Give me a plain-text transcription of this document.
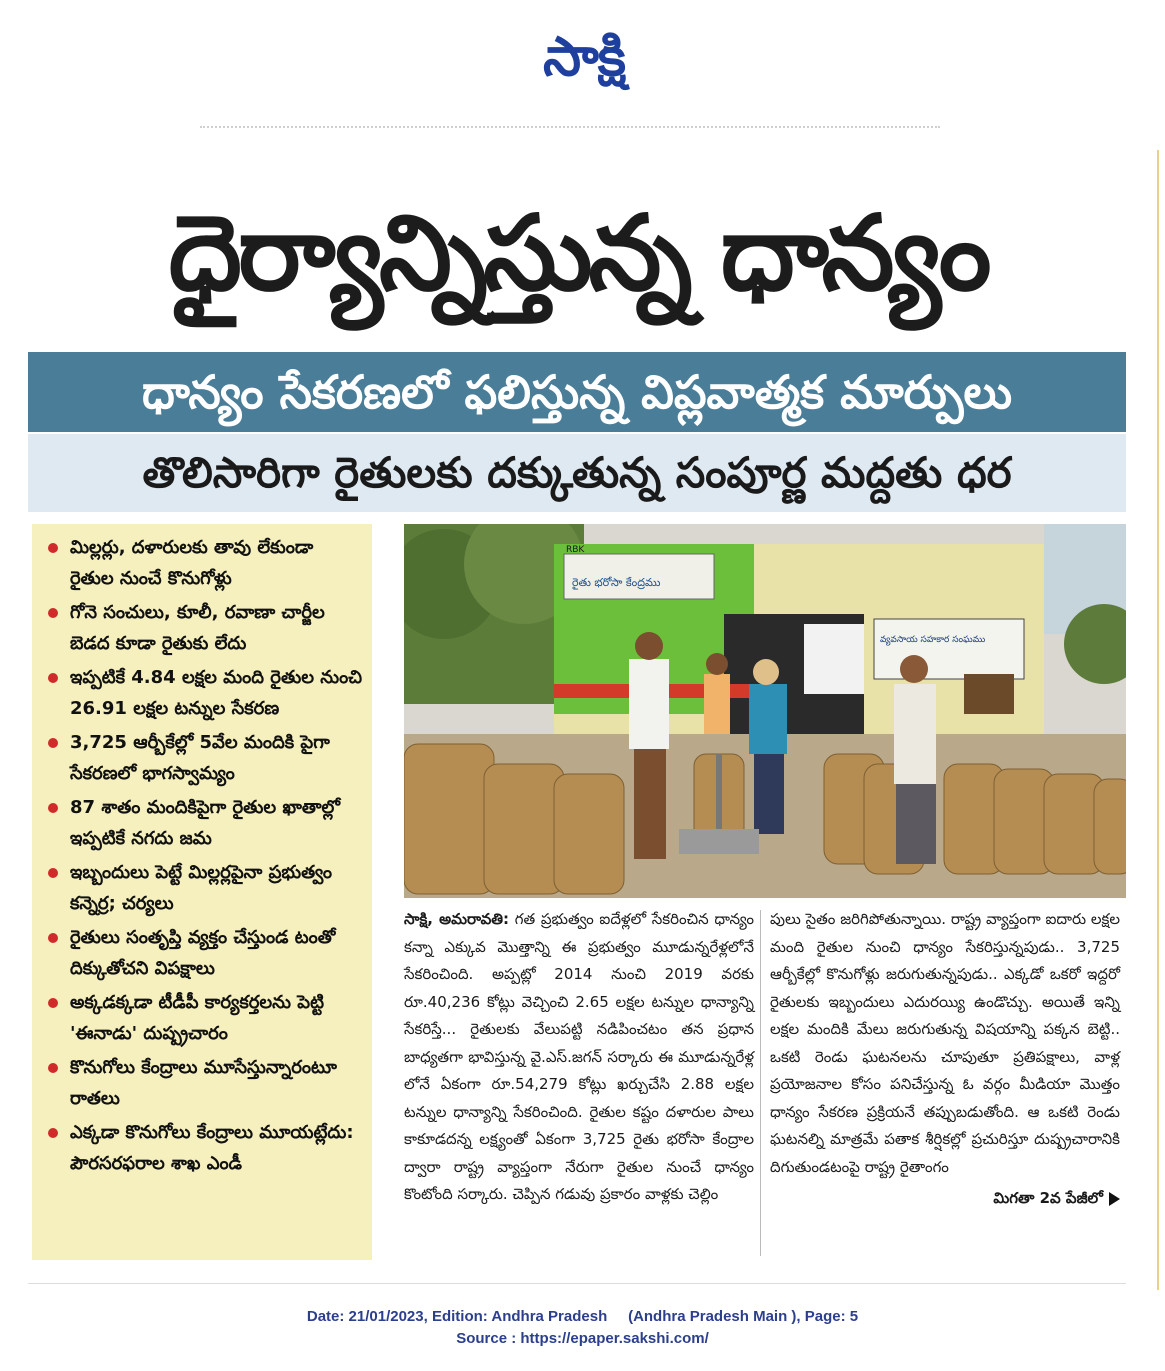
సాక్షి
ధైర్యాన్నిస్తున్న ధాన్యం
ధాన్యం సేకరణలో ఫలిస్తున్న విప్లవాత్మక మార్పులు
తొలిసారిగా రైతులకు దక్కుతున్న సంపూర్ణ మద్దతు ధర
మిల్లర్లు, దళారులకు తావు లేకుండా రైతుల నుంచే కొనుగోళ్లు
గోనె సంచులు, కూలీ, రవాణా చార్జీల బెడద కూడా రైతుకు లేదు
ఇప్పటికే 4.84 లక్షల మంది రైతుల నుంచి 26.91 లక్షల టన్నుల సేకరణ
3,725 ఆర్బీకేల్లో 5వేల మందికి పైగా సేకరణలో భాగస్వామ్యం
87 శాతం మందికిపైగా రైతుల ఖాతాల్లో ఇప్పటికే నగదు జమ
ఇబ్బందులు పెట్టే మిల్లర్లపైనా ప్రభుత్వం కన్నెర్ర; చర్యలు
రైతులు సంతృప్తి వ్యక్తం చేస్తుండ టంతో దిక్కుతోచని విపక్షాలు
అక్కడక్కడా టీడీపీ కార్యకర్తలను పెట్టి 'ఈనాడు' దుష్ప్రచారం
కొనుగోలు కేంద్రాలు మూసేస్తున్నారంటూ రాతలు
ఎక్కడా కొనుగోలు కేంద్రాలు మూయట్లేదు: పౌరసరఫరాల శాఖ ఎండీ
రైతు భరోసా కేంద్రము
RBK
వ్యవసాయ సహకార సంఘము
సాక్షి, అమరావతి: గత ప్రభుత్వం ఐదేళ్లలో సేకరించిన ధాన్యం కన్నా ఎక్కువ మొత్తాన్ని ఈ ప్రభుత్వం మూడున్నరేళ్లలోనే సేకరించింది. అప్పట్లో 2014 నుంచి 2019 వరకు రూ.40,236 కోట్లు వెచ్చించి 2.65 లక్షల టన్నుల ధాన్యాన్ని సేకరిస్తే... రైతులకు వేలుపట్టి నడిపించటం తన ప్రధాన బాధ్యతగా భావిస్తున్న వై.ఎస్.జగన్ సర్కారు ఈ మూడున్నరేళ్ల లోనే ఏకంగా రూ.54,279 కోట్లు ఖర్చుచేసి 2.88 లక్షల టన్నుల ధాన్యాన్ని సేకరించింది. రైతుల కష్టం దళారుల పాలు కాకూడదన్న లక్ష్యంతో ఏకంగా 3,725 రైతు భరోసా కేంద్రాల ద్వారా రాష్ట్ర వ్యాప్తంగా నేరుగా రైతుల నుంచే ధాన్యం కొంటోంది సర్కారు. చెప్పిన గడువు ప్రకారం వాళ్లకు చెల్లిం
పులు సైతం జరిగిపోతున్నాయి. రాష్ట్ర వ్యాప్తంగా ఐదారు లక్షల మంది రైతుల నుంచి ధాన్యం సేకరిస్తున్నపుడు.. 3,725 ఆర్బీకేల్లో కొనుగోళ్లు జరుగుతున్నపుడు.. ఎక్కడో ఒకరో ఇద్దరో రైతులకు ఇబ్బందులు ఎదురయ్యి ఉండొచ్చు. అయితే ఇన్ని లక్షల మందికి మేలు జరుగుతున్న విషయాన్ని పక్కన బెట్టి.. ఒకటి రెండు ఘటనలను చూపుతూ ప్రతిపక్షాలు, వాళ్ల ప్రయోజనాల కోసం పనిచేస్తున్న ఓ వర్గం మీడియా మొత్తం ధాన్యం సేకరణ ప్రక్రియనే తప్పుబడుతోంది. ఆ ఒకటి రెండు ఘటనల్ని మాత్రమే పతాక శీర్షికల్లో ప్రచురిస్తూ దుష్ప్రచారానికి దిగుతుండటంపై రాష్ట్ర రైతాంగం
మిగతా 2వ పేజీలో
Date: 21/01/2023, Edition: Andhra Pradesh     (Andhra Pradesh Main ), Page: 5
Source : https://epaper.sakshi.com/
